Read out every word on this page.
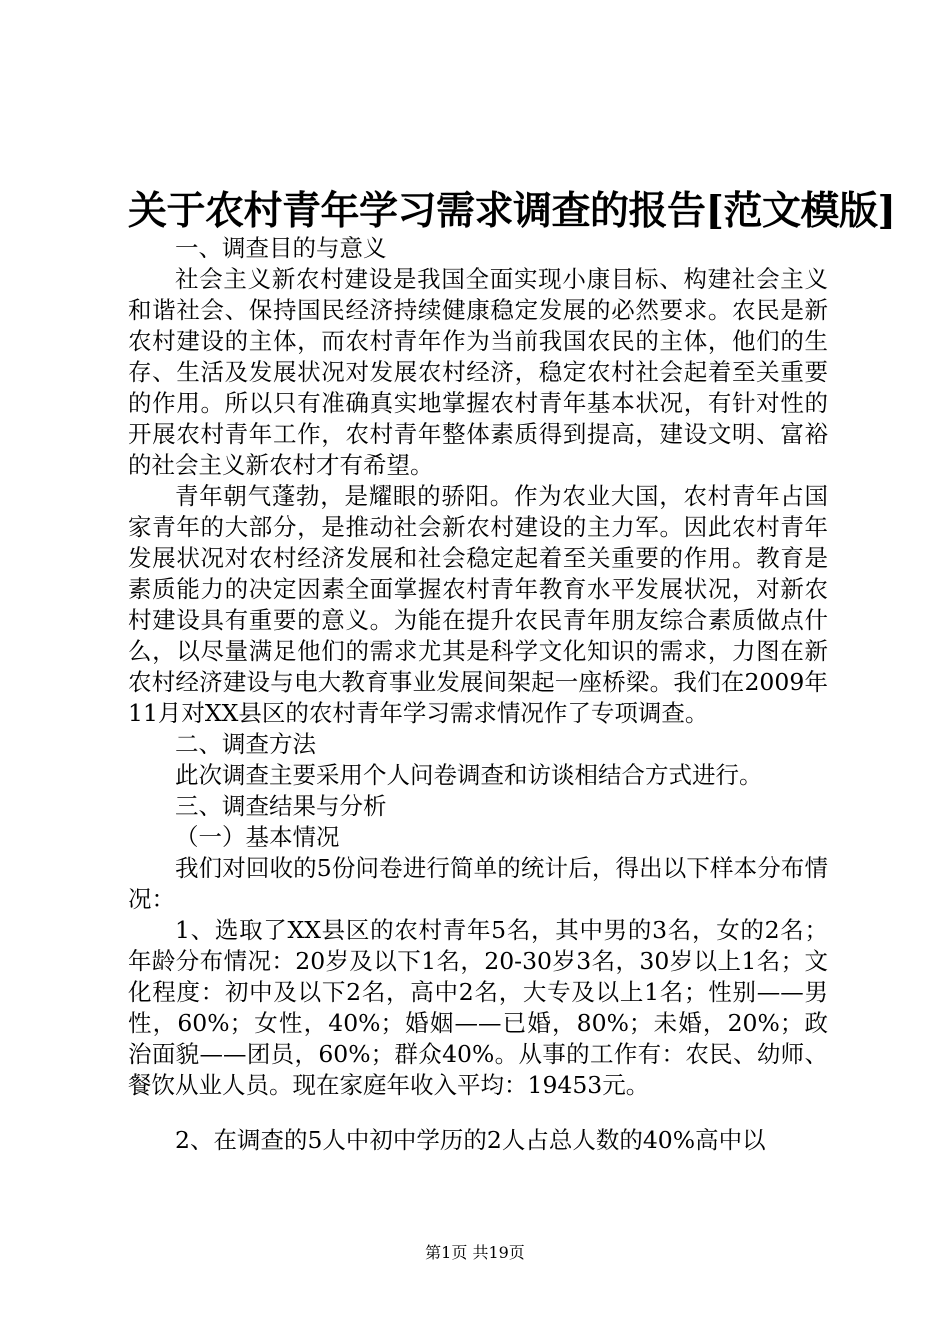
关于农村青年学习需求调查的报告[范文模版]

一、调查目的与意义

社会主义新农村建设是我国全面实现小康目标、构建社会主义和谐社会、保持国民经济持续健康稳定发展的必然要求。农民是新农村建设的主体，而农村青年作为当前我国农民的主体，他们的生存、生活及发展状况对发展农村经济，稳定农村社会起着至关重要的作用。所以只有准确真实地掌握农村青年基本状况，有针对性的开展农村青年工作，农村青年整体素质得到提高，建设文明、富裕的社会主义新农村才有希望。

青年朝气蓬勃，是耀眼的骄阳。作为农业大国，农村青年占国家青年的大部分，是推动社会新农村建设的主力军。因此农村青年发展状况对农村经济发展和社会稳定起着至关重要的作用。教育是素质能力的决定因素全面掌握农村青年教育水平发展状况，对新农村建设具有重要的意义。为能在提升农民青年朋友综合素质做点什么，以尽量满足他们的需求尤其是科学文化知识的需求，力图在新农村经济建设与电大教育事业发展间架起一座桥梁。我们在2009年11月对XX县区的农村青年学习需求情况作了专项调查。

二、调查方法

此次调查主要采用个人问卷调查和访谈相结合方式进行。

三、调查结果与分析

（一）基本情况

我们对回收的5份问卷进行简单的统计后，得出以下样本分布情况：

1、选取了XX县区的农村青年5名，其中男的3名，女的2名；年龄分布情况：20岁及以下1名，20-30岁3名，30岁以上1名；文化程度：初中及以下2名，高中2名，大专及以上1名；性别——男性，60%；女性，40%；婚姻——已婚，80%；未婚，20%；政治面貌——团员，60%；群众40%。从事的工作有：农民、幼师、餐饮从业人员。现在家庭年收入平均：19453元。

2、在调查的5人中初中学历的2人占总人数的40%高中以

第1页 共19页
